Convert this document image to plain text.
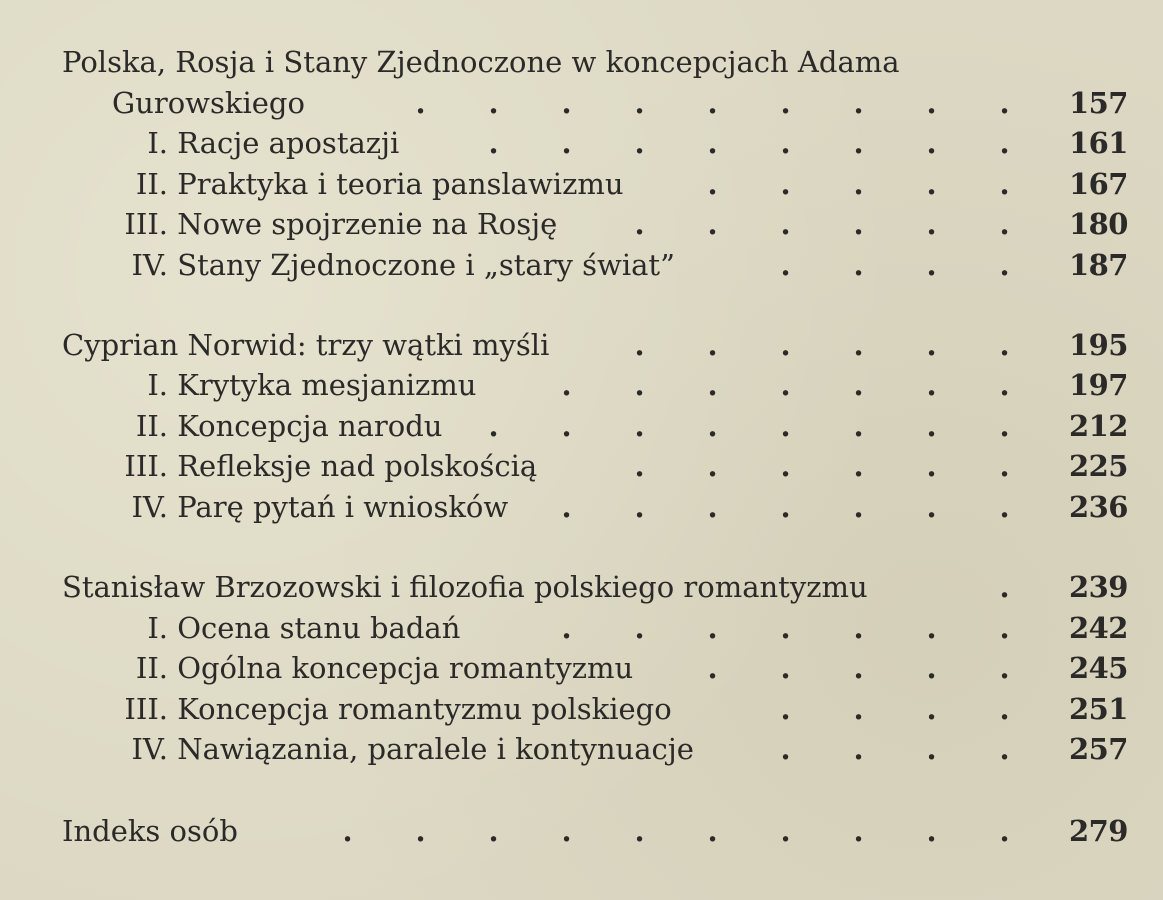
Polska, Rosja i Stany Zjednoczone w koncepcjach Adama
Gurowskiego	.	.	.	.	.	.	.	.	.	157
I. Racje apostazji	.	.	.	.	.	.	.	.	161
II. Praktyka i teoria panslawizmu	.	.	.	.	.	167
III. Nowe spojrzenie na Rosję	.	.	.	.	.	.	180
IV. Stany Zjednoczone i „stary świat”	.	.	.	.	187
Cyprian Norwid: trzy wątki myśli	.	.	.	.	.	.	195
I. Krytyka mesjanizmu	.	.	.	.	.	.	.	197
II. Koncepcja narodu	.	.	.	.	.	.	.	.	212
III. Refleksje nad polskością	.	.	.	.	.	.	225
IV. Parę pytań i wniosków	.	.	.	.	.	.	.	236
Stanisław Brzozowski i filozofia polskiego romantyzmu	.	239
I. Ocena stanu badań	.	.	.	.	.	.	.	242
II. Ogólna koncepcja romantyzmu	.	.	.	.	.	245
III. Koncepcja romantyzmu polskiego	.	.	.	.	251
IV. Nawiązania, paralele i kontynuacje	.	.	.	.	257
Indeks osób	.	.	.	.	.	.	.	.	.	.	279
